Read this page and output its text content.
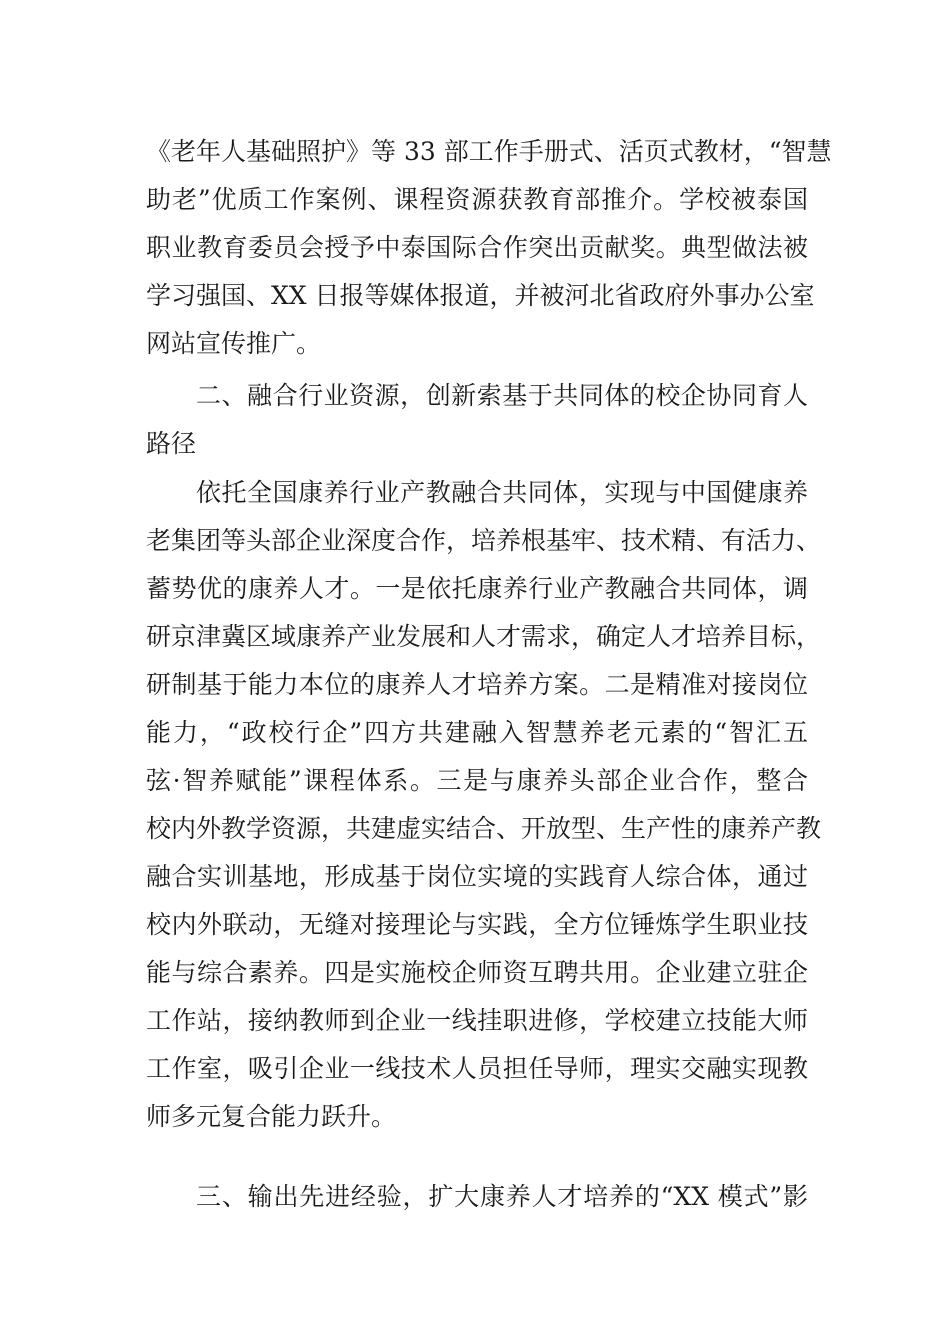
《老年人基础照护》等 33 部工作手册式、活页式教材，“智慧
助老”优质工作案例、课程资源获教育部推介。学校被泰国
职业教育委员会授予中泰国际合作突出贡献奖。典型做法被
学习强国、XX 日报等媒体报道，并被河北省政府外事办公室
网站宣传推广。
二、融合行业资源，创新索基于共同体的校企协同育人
路径
依托全国康养行业产教融合共同体，实现与中国健康养
老集团等头部企业深度合作，培养根基牢、技术精、有活力、
蓄势优的康养人才。一是依托康养行业产教融合共同体，调
研京津冀区域康养产业发展和人才需求，确定人才培养目标，
研制基于能力本位的康养人才培养方案。二是精准对接岗位
能力，“政校行企”四方共建融入智慧养老元素的“智汇五
弦·智养赋能”课程体系。三是与康养头部企业合作，整合
校内外教学资源，共建虚实结合、开放型、生产性的康养产教
融合实训基地，形成基于岗位实境的实践育人综合体，通过
校内外联动，无缝对接理论与实践，全方位锤炼学生职业技
能与综合素养。四是实施校企师资互聘共用。企业建立驻企
工作站，接纳教师到企业一线挂职进修，学校建立技能大师
工作室，吸引企业一线技术人员担任导师，理实交融实现教
师多元复合能力跃升。
三、输出先进经验，扩大康养人才培养的“XX 模式”影
